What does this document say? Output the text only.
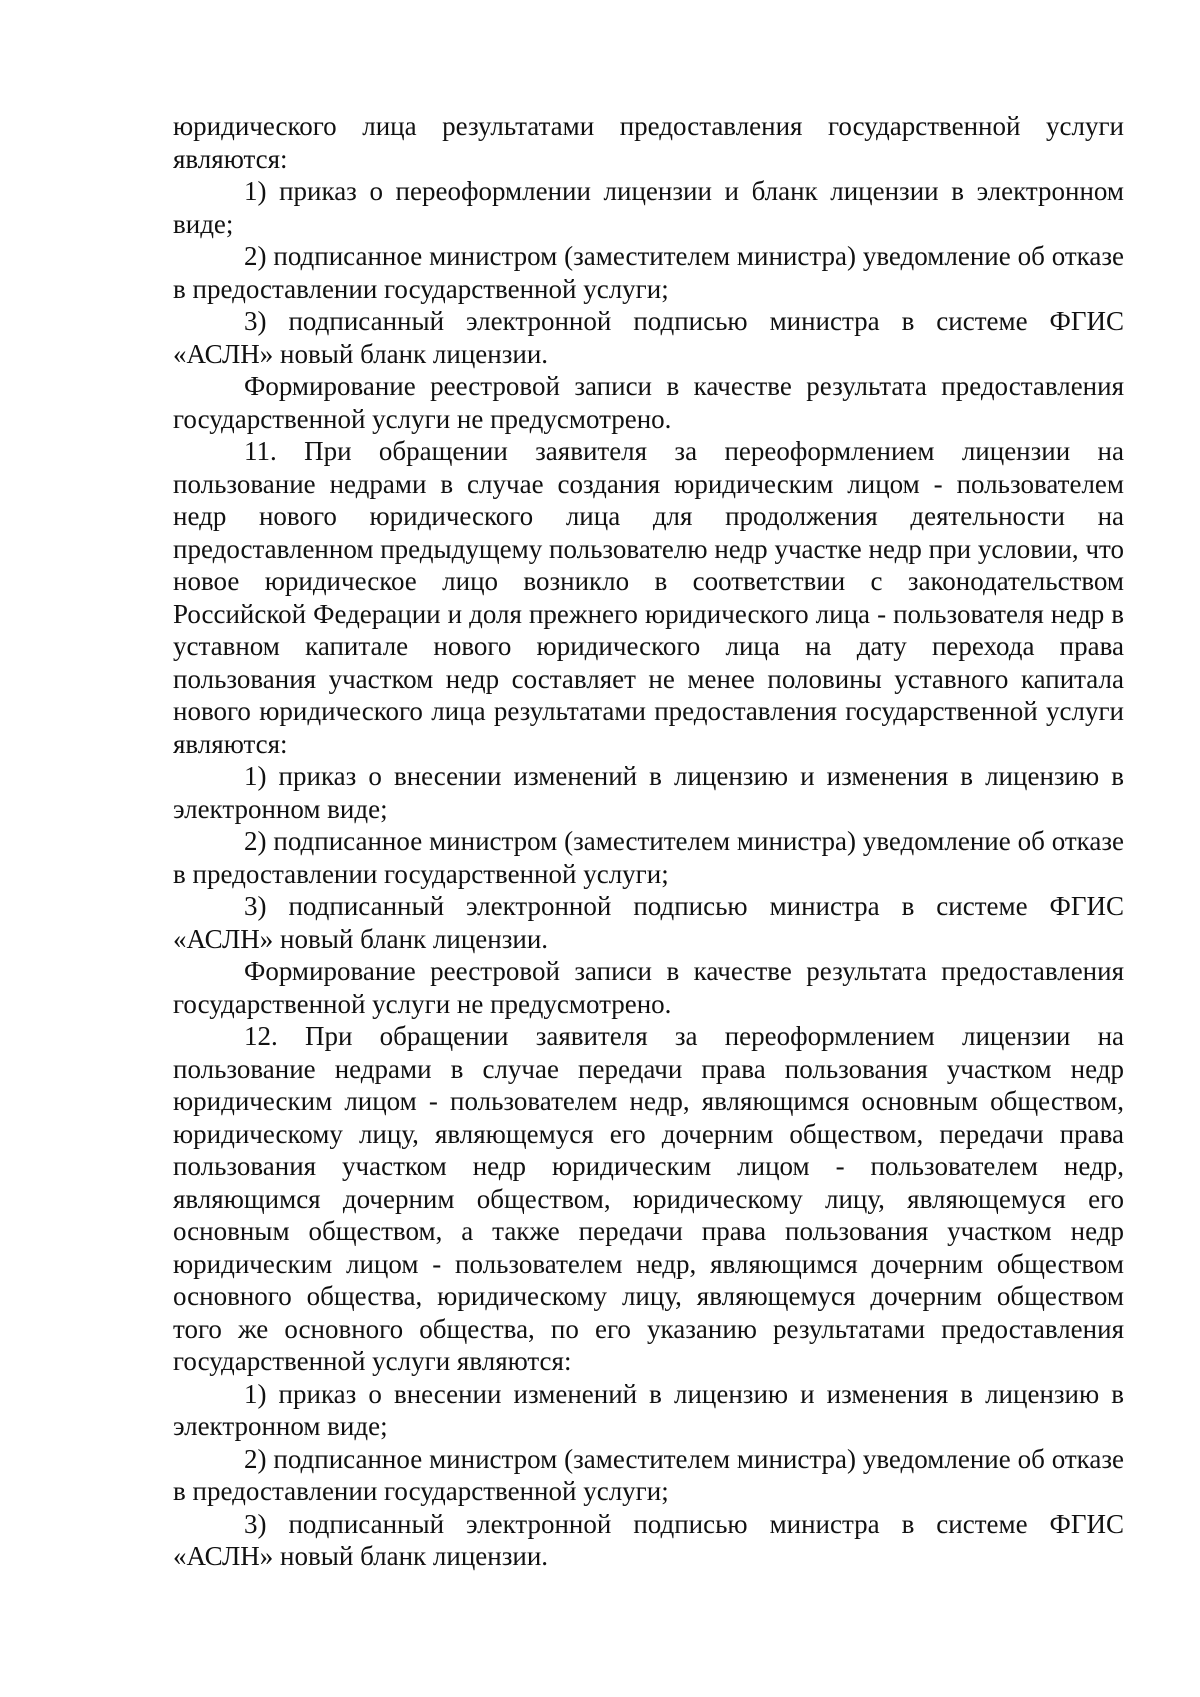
юридического лица результатами предоставления государственной услуги являются:

1) приказ о переоформлении лицензии и бланк лицензии в электронном виде;

2) подписанное министром (заместителем министра) уведомление об отказе в предоставлении государственной услуги;

3) подписанный электронной подписью министра в системе ФГИС «АСЛН» новый бланк лицензии.

Формирование реестровой записи в качестве результата предоставления государственной услуги не предусмотрено.

11. При обращении заявителя за переоформлением лицензии на пользование недрами в случае создания юридическим лицом - пользователем недр нового юридического лица для продолжения деятельности на предоставленном предыдущему пользователю недр участке недр при условии, что новое юридическое лицо возникло в соответствии с законодательством Российской Федерации и доля прежнего юридического лица - пользователя недр в уставном капитале нового юридического лица на дату перехода права пользования участком недр составляет не менее половины уставного капитала нового юридического лица результатами предоставления государственной услуги являются:

1) приказ о внесении изменений в лицензию и изменения в лицензию в электронном виде;

2) подписанное министром (заместителем министра) уведомление об отказе в предоставлении государственной услуги;

3) подписанный электронной подписью министра в системе ФГИС «АСЛН» новый бланк лицензии.

Формирование реестровой записи в качестве результата предоставления государственной услуги не предусмотрено.

12. При обращении заявителя за переоформлением лицензии на пользование недрами в случае передачи права пользования участком недр юридическим лицом - пользователем недр, являющимся основным обществом, юридическому лицу, являющемуся его дочерним обществом, передачи права пользования участком недр юридическим лицом - пользователем недр, являющимся дочерним обществом, юридическому лицу, являющемуся его основным обществом, а также передачи права пользования участком недр юридическим лицом - пользователем недр, являющимся дочерним обществом основного общества, юридическому лицу, являющемуся дочерним обществом того же основного общества, по его указанию результатами предоставления государственной услуги являются:

1) приказ о внесении изменений в лицензию и изменения в лицензию в электронном виде;

2) подписанное министром (заместителем министра) уведомление об отказе в предоставлении государственной услуги;

3) подписанный электронной подписью министра в системе ФГИС «АСЛН» новый бланк лицензии.
